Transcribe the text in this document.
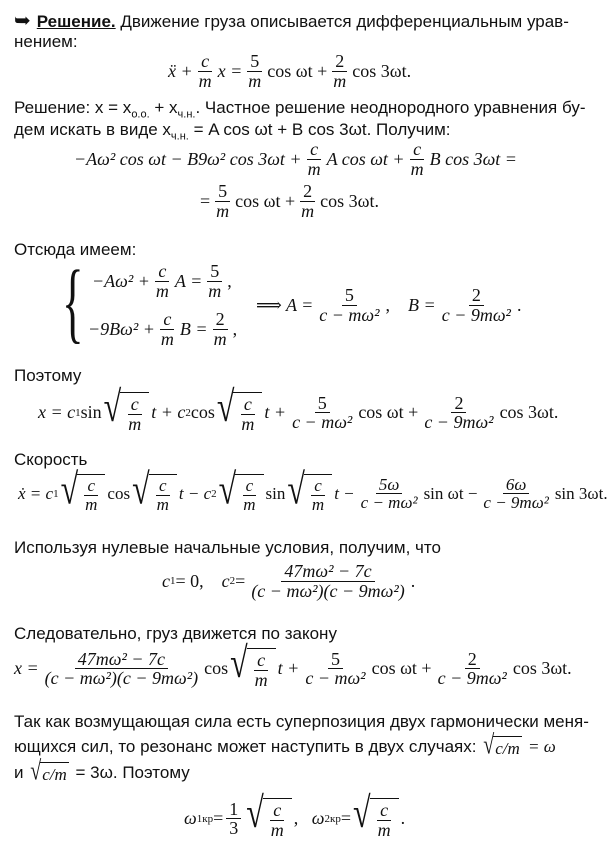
➥ Решение. Движение груза описывается дифференциальным урав-
нением:
ẍ + $\frac{c}{m}$ $x = \frac{5}{m}$ $\cos \omega t + \frac{2}{m}$ cos 3ωt.
Решение: $x = x_{о.о.} + x_{ч.н.}$. Частное решение неоднородного уравнения бу-
дем искать в виде $x_{ч.н.} = A$ cos ωt + B cos 3ωt. Получим:
−Aω² cos ωt − B9ω² $\cos 3\omega t + \frac{c}{m}$ A $\cos \omega t + \frac{c}{m}$ B cos 3ωt =
= $\frac{5}{m}$ $\cos \omega t + \frac{2}{m}$ cos 3ωt.
Отсюда имеем:
{ $-A\omega^2 + \frac{c}{m}$ $A = \frac{5}{m}$ ,
$-9B\omega^2 + \frac{c}{m}$ $B = \frac{2}{m}$ ,
⟹ $A = \frac{5}{\text{c − mω²}}$ , $B = \frac{2}{\text{c − 9mω²}}$ .
Поэтому
x = c 1 sin √ $\frac{c}{m}$ t + c 2 cos √ $\frac{c}{m}$ $t + \frac{5}{\text{c − mω²}}$ $\cos \omega t + \frac{2}{\text{c − 9mω²}}$ cos 3ωt.
Скорость
ẋ = c 1 √ $\frac{c}{m}$ cos √ $\frac{c}{m}$ t − c 2 √ $\frac{c}{m}$ sin √ $\frac{c}{m}$ $t - \frac{5\omega}{\text{c − mω²}}$ $\sin \omega t - \frac{6\omega}{\text{c − 9mω²}}$ sin 3ωt.
Используя нулевые начальные условия, получим, что
c 1 = 0,
c $2 = \frac{\text{47mω² − 7c}}{\text{(c − mω²)(c − 9mω²)}}$ .
Следовательно, груз движется по закону
$x = \frac{\text{47mω² − 7c}}{\text{(c − mω²)(c − 9mω²)}}$ cos √ $\frac{c}{m}$ $t + \frac{5}{\text{c − mω²}}$ $\cos \omega t + \frac{2}{\text{c − 9mω²}}$ cos 3ωt.
Так как возмущающая сила есть суперпозиция двух гармонически меня-
ющихся сил, то резонанс может наступить в двух случаях: √ c/m = ω
и √ c/m = 3ω. Поэтому
ω $1кр = \frac{1}{3}$ √ $\frac{c}{m}$ ,
ω 2кр = √ $\frac{c}{m}$ .
